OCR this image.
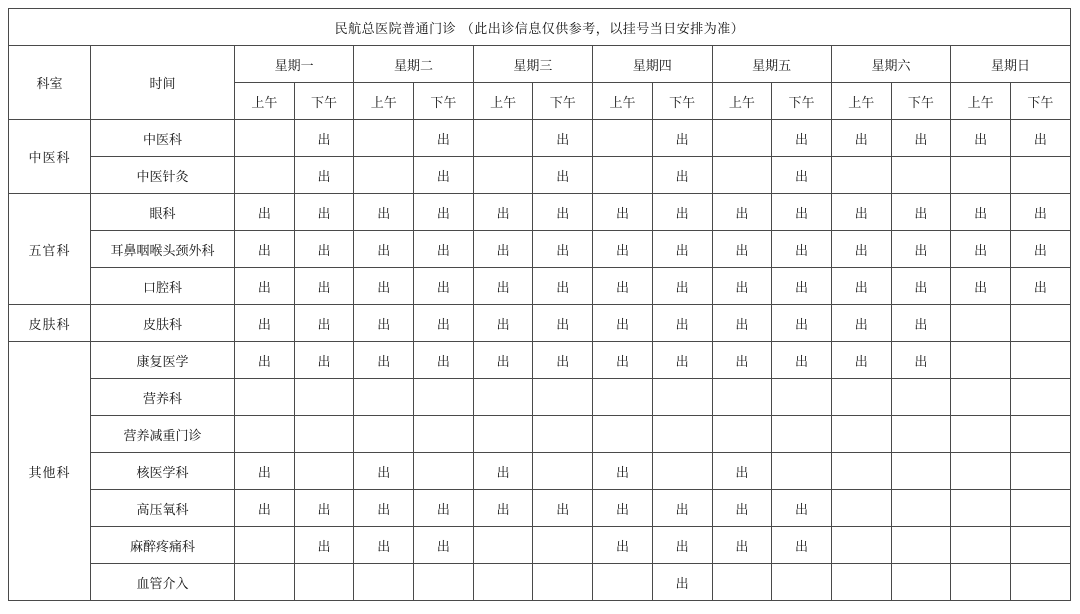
民航总医院普通门诊 （此出诊信息仅供参考，以挂号当日安排为准）															
科室	时间	星期一		星期二		星期三		星期四		星期五		星期六		星期日	
		上午	下午	上午	下午	上午	下午	上午	下午	上午	下午	上午	下午	上午	下午
中医科	中医科		出		出		出		出		出	出	出	出	出
	中医针灸		出		出		出		出		出				
五官科	眼科	出	出	出	出	出	出	出	出	出	出	出	出	出	出
	耳鼻咽喉头颈外科	出	出	出	出	出	出	出	出	出	出	出	出	出	出
	口腔科	出	出	出	出	出	出	出	出	出	出	出	出	出	出
皮肤科	皮肤科	出	出	出	出	出	出	出	出	出	出	出	出		
其他科	康复医学	出	出	出	出	出	出	出	出	出	出	出	出		
	营养科														
	营养减重门诊														
	核医学科	出		出		出		出		出					
	高压氧科	出	出	出	出	出	出	出	出	出	出				
	麻醉疼痛科		出	出	出			出	出	出	出				
	血管介入								出						
